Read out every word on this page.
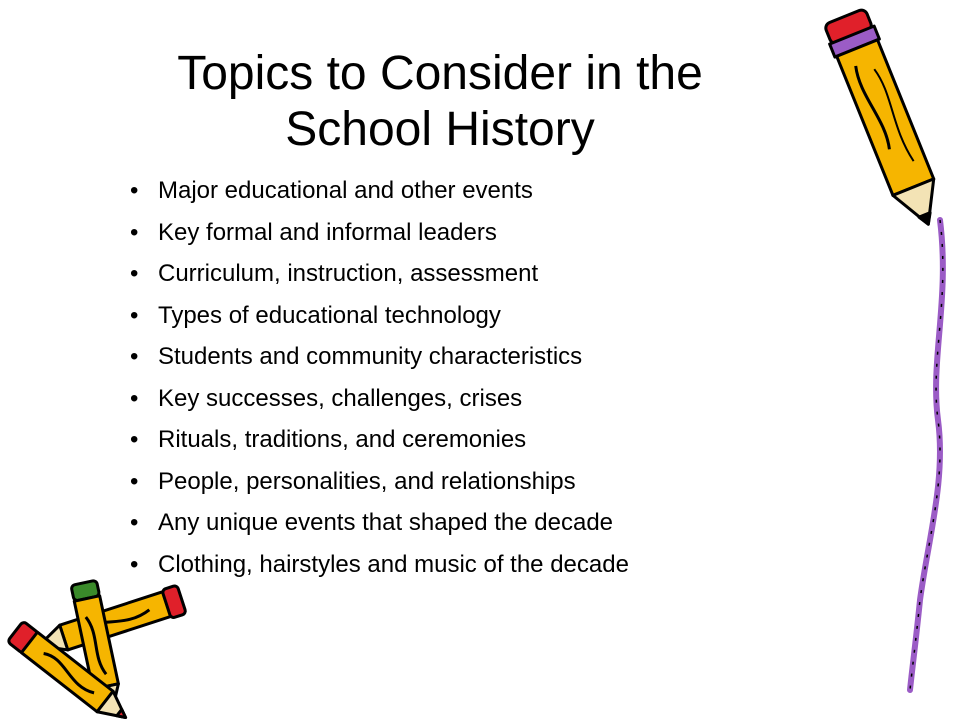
Topics to Consider in the
School History
• Major educational and other events
• Key formal and informal leaders
• Curriculum, instruction, assessment
• Types of educational technology
• Students and community characteristics
• Key successes, challenges, crises
• Rituals, traditions, and ceremonies
• People, personalities, and relationships
• Any unique events that shaped the decade
• Clothing, hairstyles and music of the decade
